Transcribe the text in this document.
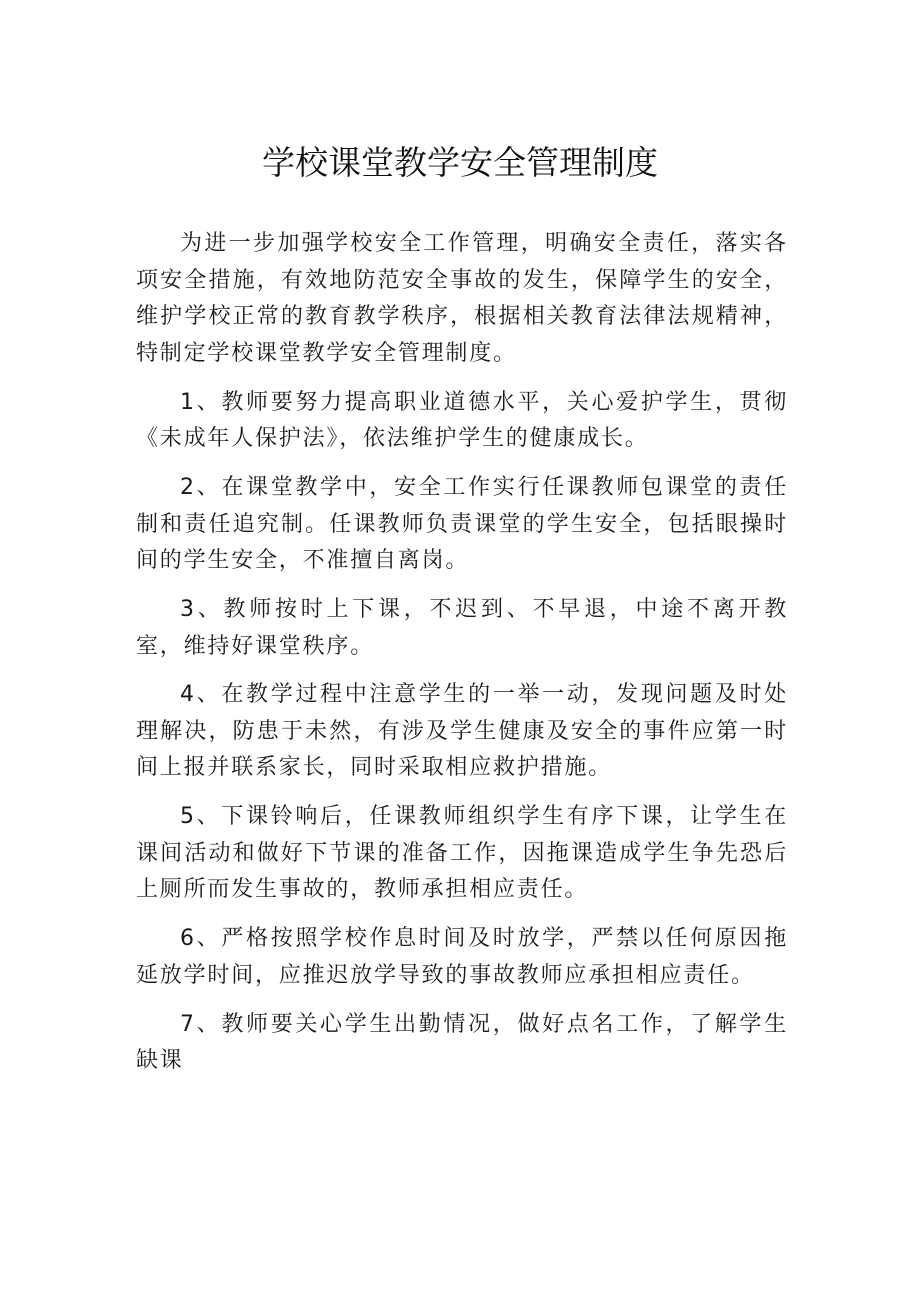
学校课堂教学安全管理制度

为进一步加强学校安全工作管理，明确安全责任，落实各项安全措施，有效地防范安全事故的发生，保障学生的安全，维护学校正常的教育教学秩序，根据相关教育法律法规精神，特制定学校课堂教学安全管理制度。

1、教师要努力提高职业道德水平，关心爱护学生，贯彻《未成年人保护法》，依法维护学生的健康成长。

2、在课堂教学中，安全工作实行任课教师包课堂的责任制和责任追究制。任课教师负责课堂的学生安全，包括眼操时间的学生安全，不准擅自离岗。

3、教师按时上下课，不迟到、不早退，中途不离开教室，维持好课堂秩序。

4、在教学过程中注意学生的一举一动，发现问题及时处理解决，防患于未然，有涉及学生健康及安全的事件应第一时间上报并联系家长，同时采取相应救护措施。

5、下课铃响后，任课教师组织学生有序下课，让学生在课间活动和做好下节课的准备工作，因拖课造成学生争先恐后上厕所而发生事故的，教师承担相应责任。

6、严格按照学校作息时间及时放学，严禁以任何原因拖延放学时间，应推迟放学导致的事故教师应承担相应责任。

7、教师要关心学生出勤情况，做好点名工作，了解学生缺课
